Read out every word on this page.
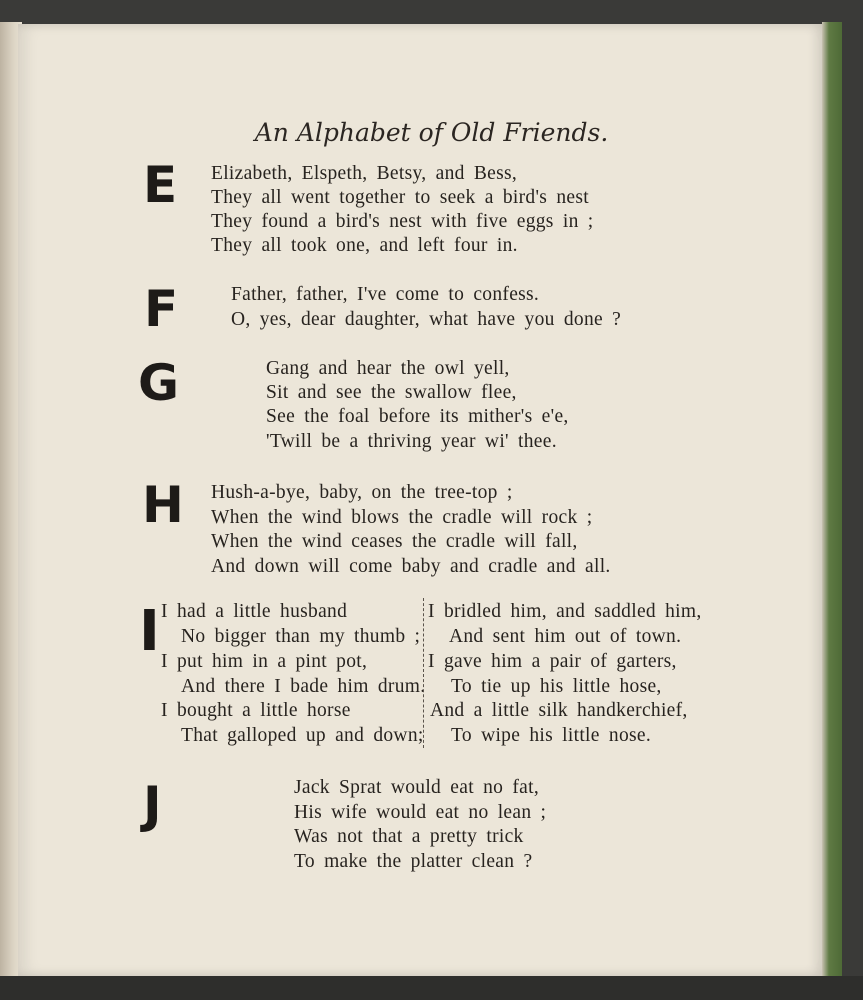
An Alphabet of Old Friends.
E Elizabeth, Elspeth, Betsy, and Bess,
They all went together to seek a bird's nest
They found a bird's nest with five eggs in ;
They all took one, and left four in.
F	Father, father, I've come to confess.
O, yes, dear daughter, what have you done ?
G	Gang and hear the owl yell,
Sit and see the swallow flee,
See the foal before its mither's e'e,
'Twill be a thriving year wi' thee.
H Hush-a-bye, baby, on the tree-top ;
When the wind blows the cradle will rock ;
When the wind ceases the cradle will fall,
And down will come baby and cradle and all.
I I had a little husband
No bigger than my thumb ;
I put him in a pint pot,
And there I bade him drum.
I bought a little horse
That galloped up and down;
I bridled him, and saddled him,
And sent him out of town.
I gave him a pair of garters,
To tie up his little hose,
And a little silk handkerchief,
To wipe his little nose.
J	Jack Sprat would eat no fat,
His wife would eat no lean ;
Was not that a pretty trick
To make the platter clean ?
